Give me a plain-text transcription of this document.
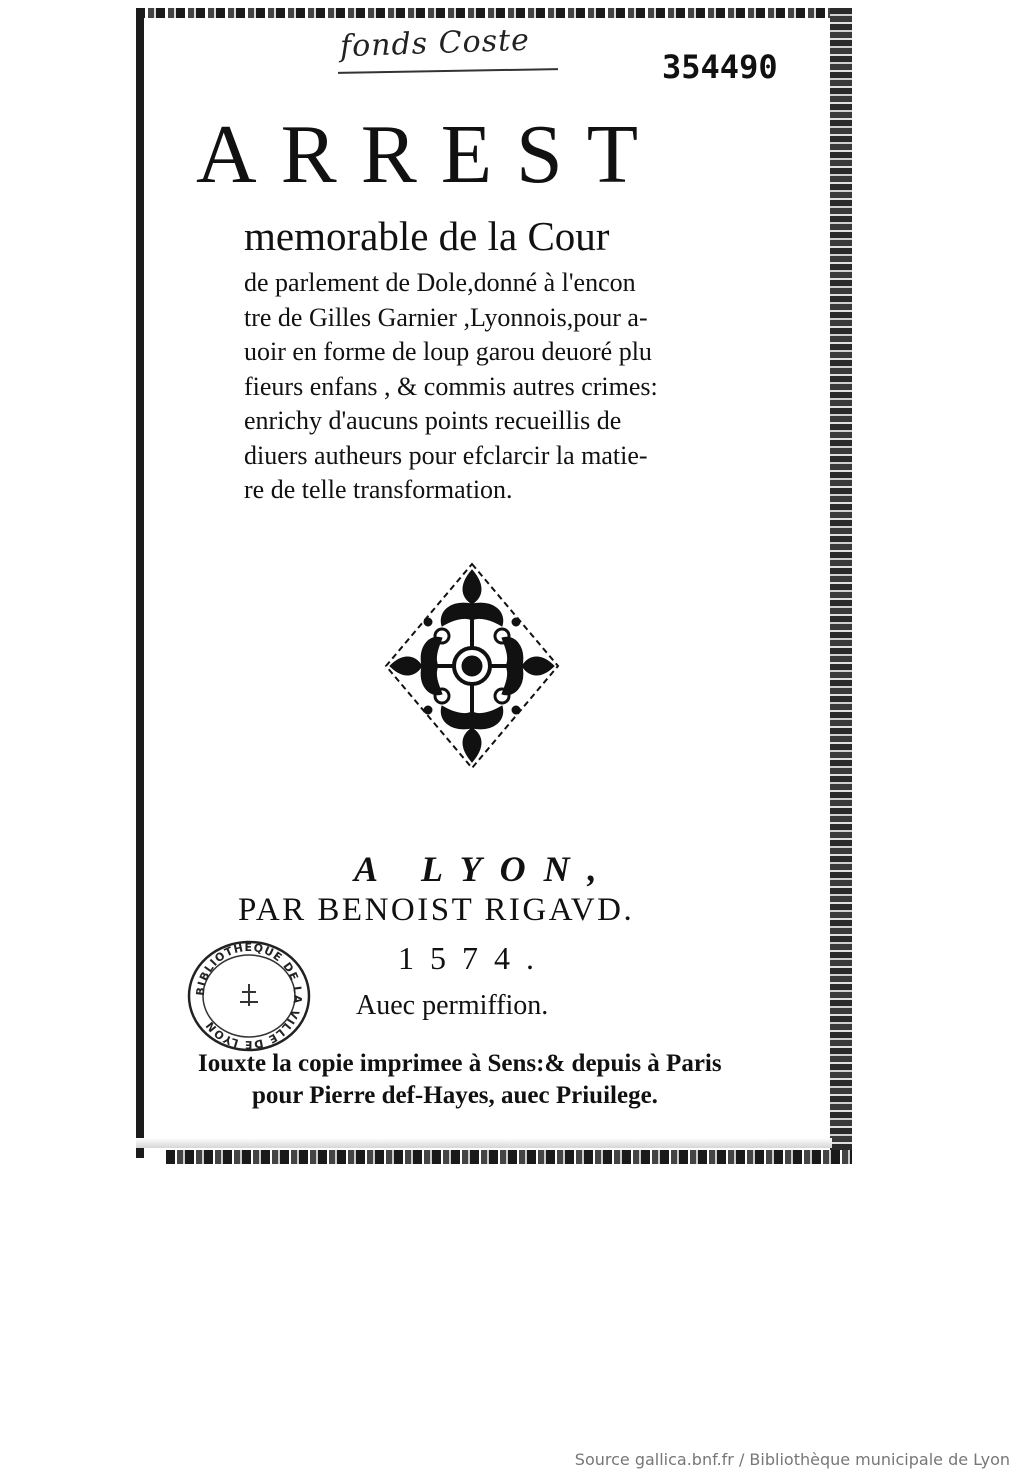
fonds Coste
354490
ARREST
memorable de la Cour

de parlement de Dole,donné à l'encon
tre de Gilles Garnier ,Lyonnois,pour a-
uoir en forme de loup garou deuoré plu
fieurs enfans , & commis autres crimes:
enrichy d'aucuns points recueillis de
diuers autheurs pour efclarcir la matie-
re de telle transformation.

A LYON,
PAR BENOIST RIGAVD.
1574.
Auec permiffion.
Iouxte la copie imprimee à Sens:& depuis à Paris
pour Pierre def-Hayes, auec Priuilege.
BIBLIOTHÈQUE DE LA VILLE DE LYON
Source gallica.bnf.fr / Bibliothèque municipale de Lyon
